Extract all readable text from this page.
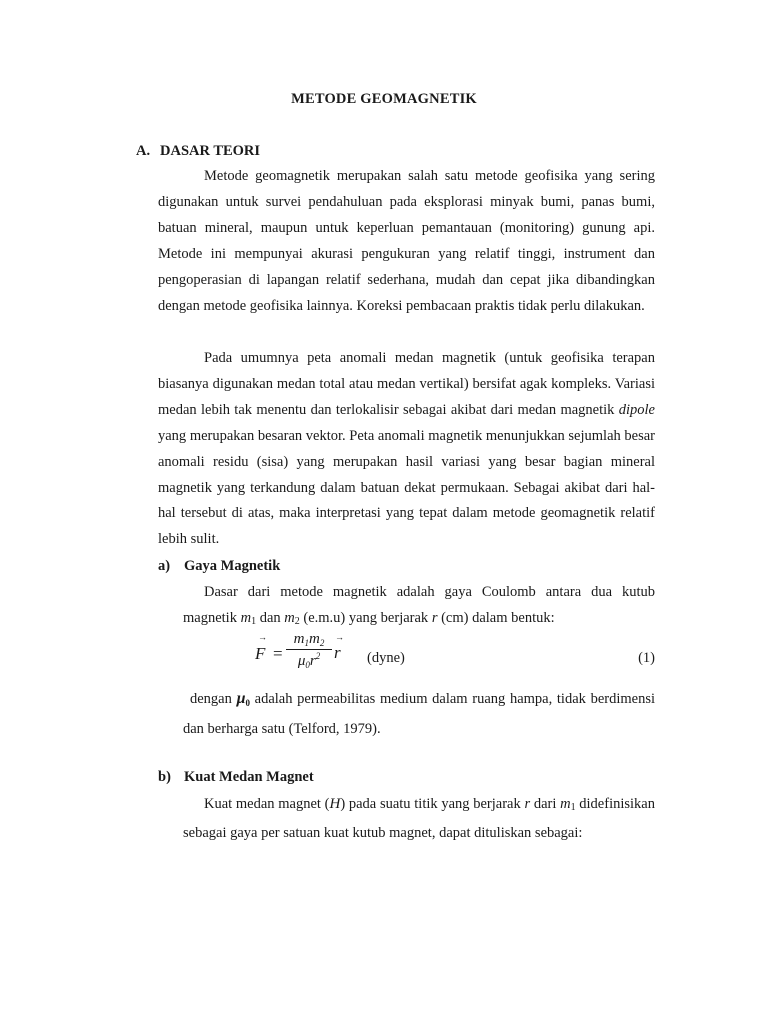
METODE GEOMAGNETIK
A. DASAR TEORI

Metode geomagnetik merupakan salah satu metode geofisika yang sering digunakan untuk survei pendahuluan pada eksplorasi minyak bumi, panas bumi, batuan mineral, maupun untuk keperluan pemantauan (monitoring) gunung api. Metode ini mempunyai akurasi pengukuran yang relatif tinggi, instrument dan pengoperasian di lapangan relatif sederhana, mudah dan cepat jika dibandingkan dengan metode geofisika lainnya. Koreksi pembacaan praktis tidak perlu dilakukan.

Pada umumnya peta anomali medan magnetik (untuk geofisika terapan biasanya digunakan medan total atau medan vertikal) bersifat agak kompleks. Variasi medan lebih tak menentu dan terlokalisir sebagai akibat dari medan magnetik dipole yang merupakan besaran vektor. Peta anomali magnetik menunjukkan sejumlah besar anomali residu (sisa) yang merupakan hasil variasi yang besar bagian mineral magnetik yang terkandung dalam batuan dekat permukaan. Sebagai akibat dari hal-hal tersebut di atas, maka interpretasi yang tepat dalam metode geomagnetik relatif lebih sulit.

a) Gaya Magnetik

Dasar dari metode magnetik adalah gaya Coulomb antara dua kutub magnetik $m_1$ dan $m_2$ (e.m.u) yang berjarak r (cm) dalam bentuk:

→
$F = \frac{m_1m_2}{\mu_0r^2}$ →
r (dyne)	(1)

dengan $\mu_0$ adalah permeabilitas medium dalam ruang hampa, tidak berdimensi dan berharga satu (Telford, 1979).

b) Kuat Medan Magnet

Kuat medan magnet (H) pada suatu titik yang berjarak r dari $m_1$ didefinisikan sebagai gaya per satuan kuat kutub magnet, dapat dituliskan sebagai:
